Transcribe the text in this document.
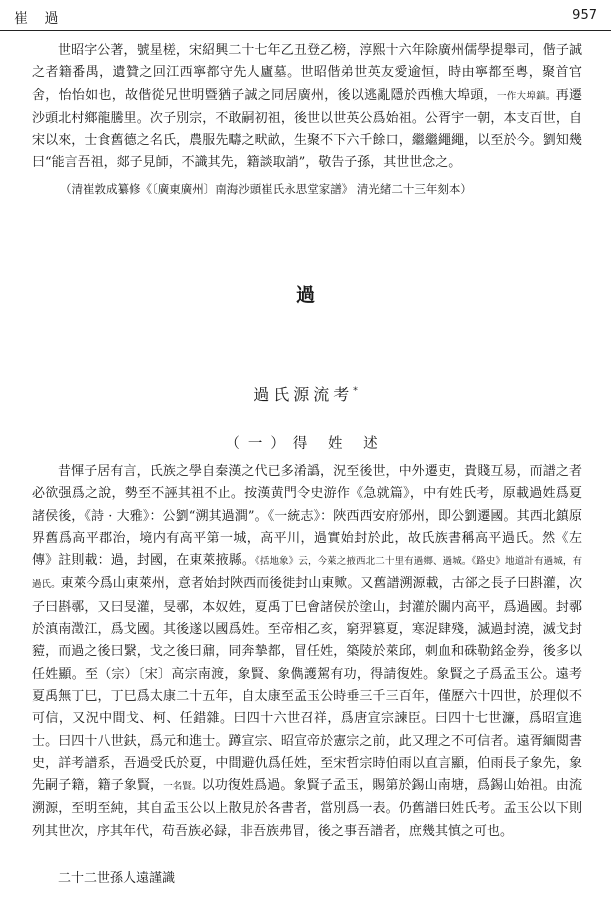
崔 過	957

世昭字公著，號星槎，宋紹興二十七年乙丑登乙榜，淳熙十六年除廣州儒學提舉司，偕子誠之者籍番禺，遺贊之回江西寧都守先人廬墓。世昭偕弟世英友愛逾恒，時由寧都至粵，聚首官舍，怡怡如也，故偕從兄世明暨猶子誠之同居廣州，後以逃亂隱於西樵大埠頭，一作大埠鎮。再遷沙頭北村鄉龍騰里。次子別宗，不敢嗣初祖，後世以世英公爲始祖。公胥宇一朝，本支百世，自宋以來，士食舊德之名氏，農服先疇之畎畝，生聚不下六千餘口，繼繼繩繩，以至於今。劉知幾曰“能言吾祖，郯子見師，不識其先，籍談取誚”，敬告子孫，其世世念之。

（清崔敦成纂修《〔廣東廣州〕南海沙頭崔氏永思堂家譜》 清光緒二十三年刻本）
過
過氏源流考*
（一）得 姓 述

昔惲子居有言，氏族之學自秦漢之代已多淆譌，況至後世，中外遷吏，貴賤互易，而譜之者必欲强爲之說，勢至不誣其祖不止。按漢黄門令史游作《急就篇》，中有姓氏考，原載過姓爲夏諸侯後，《詩 · 大雅》：公劉“溯其過澗”。《一統志》：陜西西安府邠州，即公劉遷國。其西北鎮原界舊爲高平郡治，境内有高平第一城，高平川，過實始封於此，故氏族書稱高平過氏。然《左傳》註則載：過，封國，在東萊掖縣。《括地象》云，今萊之掖西北二十里有過鄉、過城。《路史》地道計有過城，有過氏。東萊今爲山東萊州，意者始封陜西而後徙封山東歟。又舊譜溯源載，古郤之長子曰斟灌，次子曰斟鄩，又曰旻灌，旻鄩，本奴姓，夏禹丁巳會諸侯於塗山，封灌於關内高平，爲過國。封鄩於滇南澂江，爲戈國。其後遂以國爲姓。至帝相乙亥，窮羿篡夏，寒浞肆殘，滅過封澆，滅戈封豷，而過之後曰繄，戈之後曰鼐，同奔摯都，冒任姓，築陵於萊邱，刺血和硃勒銘金券，後多以任姓顯。至（宗）〔宋〕高宗南渡，象賢、象儁護駕有功，得請復姓。象賢之子爲孟玉公。遠考夏禹無丁巳，丁巳爲太康二十五年，自太康至孟玉公時垂三千三百年，僅歷六十四世，於理似不可信，又況中間戈、柯、任錯雜。曰四十六世召祥，爲唐宣宗諫臣。曰四十七世濂，爲昭宣進士。曰四十八世鈇，爲元和進士。蹲宣宗、昭宣帝於憲宗之前，此又理之不可信者。遠胥緬閲書史，詳考譜系，吾過受氏於夏，中間避仇爲任姓，至宋哲宗時伯雨以直言顯，伯雨長子象先，象先嗣子籍，籍子象賢，一名賢。以功復姓爲過。象賢子孟玉，賜第於錫山南塘，爲錫山始祖。由流溯源，至明至純，其自孟玉公以上散見於各書者，當別爲一表。仍舊譜曰姓氏考。孟玉公以下則列其世次，序其年代，苟吾族必録，非吾族弗冒，後之事吾譜者，庶幾其慎之可也。

二十二世孫人遠謹識
